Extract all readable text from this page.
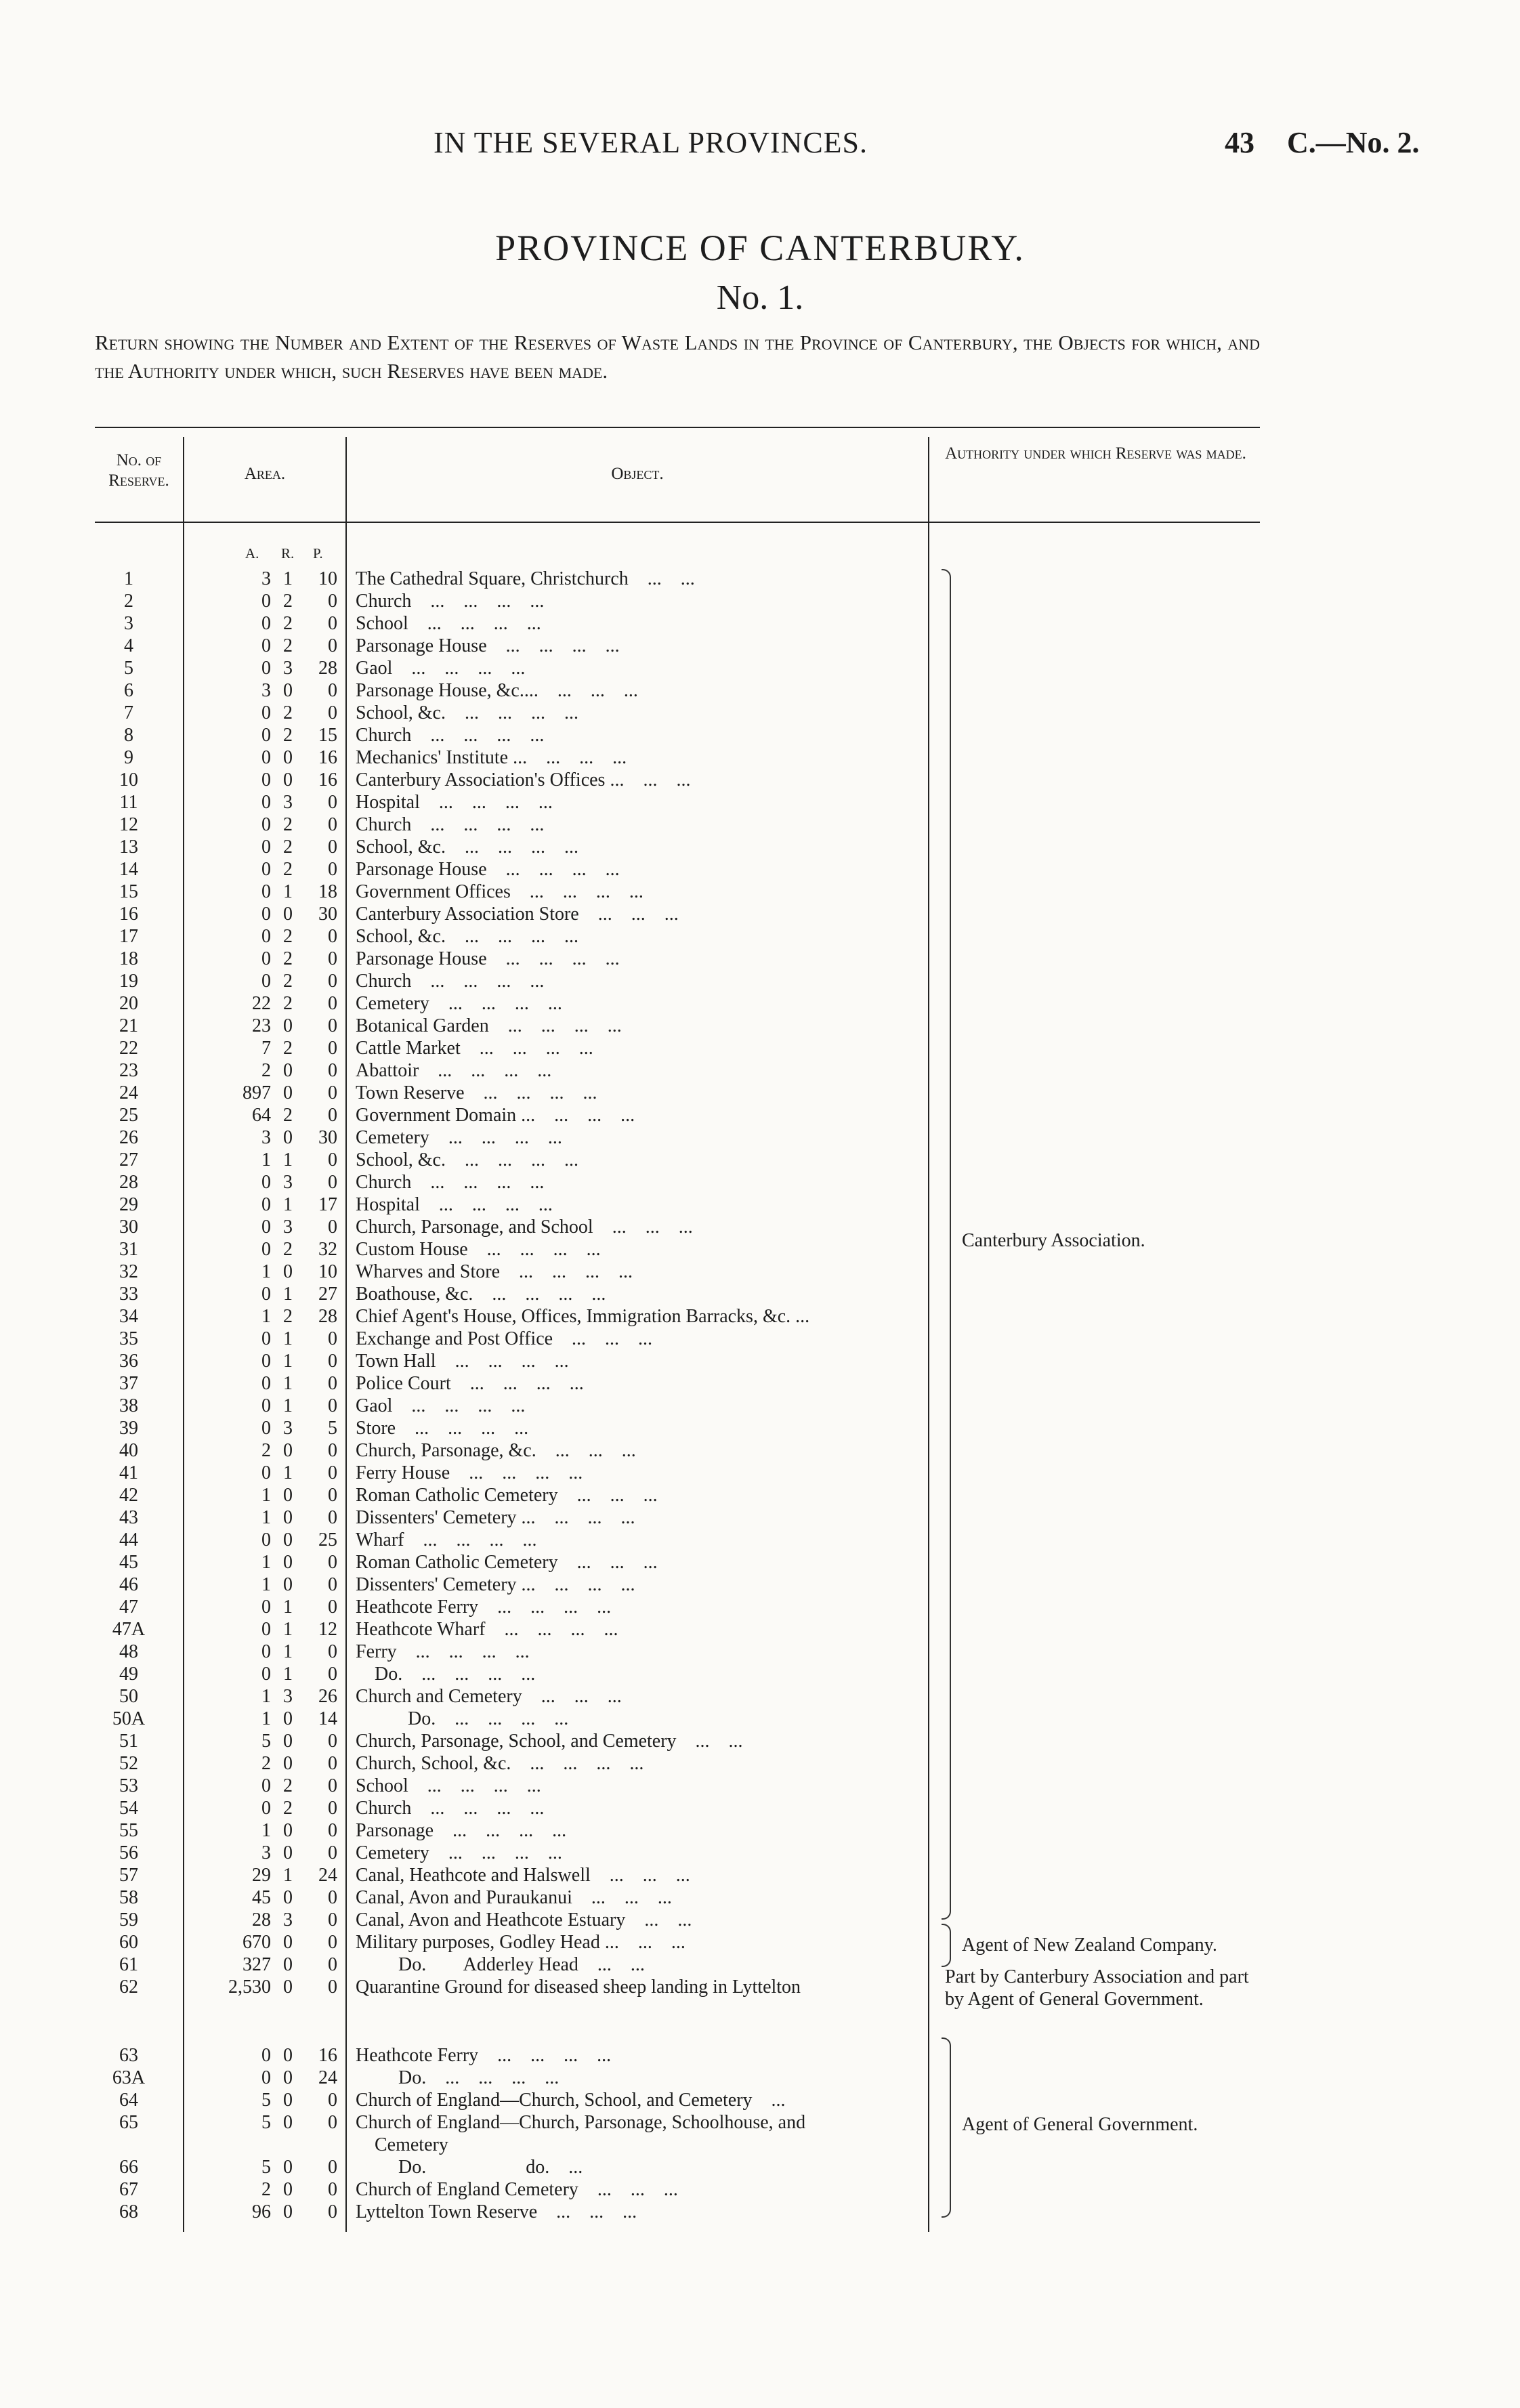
IN THE SEVERAL PROVINCES.	43 C.—No. 2.
PROVINCE OF CANTERBURY.
No. 1.
Return showing the Number and Extent of the Reserves of Waste Lands in the Province of Canterbury, the Objects for which, and the Authority under which, such Reserves have been made.
No. of Reserve.	Area.	Object.
Authority under which Reserve was made.
A. R. P.
1	3 1	10 The Cathedral Square, Christchurch    ...    ...
2	0 2	0 Church    ...    ...    ...    ...
3	0 2	0 School    ...    ...    ...    ...
4	0 2	0 Parsonage House    ...    ...    ...    ...
5	0 3	28 Gaol    ...    ...    ...    ...
6	3 0	0 Parsonage House, &c....    ...    ...    ...
7	0 2	0 School, &c.    ...    ...    ...    ...
8	0 2	15 Church    ...    ...    ...    ...
9	0 0	16 Mechanics' Institute ...    ...    ...    ...
10	0 0	16 Canterbury Association's Offices ...    ...    ...
11	0 3	0 Hospital    ...    ...    ...    ...
12	0 2	0 Church    ...    ...    ...    ...
13	0 2	0 School, &c.    ...    ...    ...    ...
14	0 2	0 Parsonage House    ...    ...    ...    ...
15	0 1	18 Government Offices    ...    ...    ...    ...
16	0 0	30 Canterbury Association Store    ...    ...    ...
17	0 2	0 School, &c.    ...    ...    ...    ...
18	0 2	0 Parsonage House    ...    ...    ...    ...
19	0 2	0 Church    ...    ...    ...    ...
20	22 2	0 Cemetery    ...    ...    ...    ...
21	23 0	0 Botanical Garden    ...    ...    ...    ...
22	7 2	0 Cattle Market    ...    ...    ...    ...
23	2 0	0 Abattoir    ...    ...    ...    ...
24	897 0	0 Town Reserve    ...    ...    ...    ...
25	64 2	0 Government Domain ...    ...    ...    ...
26	3 0	30 Cemetery    ...    ...    ...    ...
27	1 1	0 School, &c.    ...    ...    ...    ...
28	0 3	0 Church    ...    ...    ...    ...
29	0 1	17 Hospital    ...    ...    ...    ...
30	0 3	0 Church, Parsonage, and School    ...    ...    ...
31	0 2	32 Custom House    ...    ...    ...    ...
32	1 0	10 Wharves and Store    ...    ...    ...    ...
33	0 1	27 Boathouse, &c.    ...    ...    ...    ...
34	1 2	28 Chief Agent's House, Offices, Immigration Barracks, &c. ...
35	0 1	0 Exchange and Post Office    ...    ...    ...
36	0 1	0 Town Hall    ...    ...    ...    ...
37	0 1	0 Police Court    ...    ...    ...    ...
38	0 1	0 Gaol    ...    ...    ...    ...
39	0 3	5 Store    ...    ...    ...    ...
40	2 0	0 Church, Parsonage, &c.    ...    ...    ...
41	0 1	0 Ferry House    ...    ...    ...    ...
42	1 0	0 Roman Catholic Cemetery    ...    ...    ...
43	1 0	0 Dissenters' Cemetery ...    ...    ...    ...
44	0 0	25 Wharf    ...    ...    ...    ...
45	1 0	0 Roman Catholic Cemetery    ...    ...    ...
46	1 0	0 Dissenters' Cemetery ...    ...    ...    ...
47	0 1	0 Heathcote Ferry    ...    ...    ...    ...
47A	0 1	12 Heathcote Wharf    ...    ...    ...    ...
48	0 1	0 Ferry    ...    ...    ...    ...
49	0 1	0 Do.    ...    ...    ...    ...
50	1 3	26 Church and Cemetery    ...    ...    ...
50A	1 0	14 Do.    ...    ...    ...    ...
51	5 0	0 Church, Parsonage, School, and Cemetery    ...    ...
52	2 0	0 Church, School, &c.    ...    ...    ...    ...
53	0 2	0 School    ...    ...    ...    ...
54	0 2	0 Church    ...    ...    ...    ...
55	1 0	0 Parsonage    ...    ...    ...    ...
56	3 0	0 Cemetery    ...    ...    ...    ...
57	29 1	24 Canal, Heathcote and Halswell    ...    ...    ...
58	45 0	0 Canal, Avon and Puraukanui    ...    ...    ...
59	28 3	0 Canal, Avon and Heathcote Estuary    ...    ...
60	670 0	0 Military purposes, Godley Head ...    ...    ...
61	327 0	0 Do.        Adderley Head    ...    ...
62	2,530 0	0 Quarantine Ground for diseased sheep landing in Lyttelton
63	0 0	16 Heathcote Ferry    ...    ...    ...    ...
63A	0 0	24 Do.    ...    ...    ...    ...
64	5 0	0 Church of England—Church, School, and Cemetery    ...
65	5 0	0 Church of England—Church, Parsonage, Schoolhouse, and
Cemetery
66	5 0	0 Do.                     do.    ...
67	2 0	0 Church of England Cemetery    ...    ...    ...
68	96 0	0 Lyttelton Town Reserve    ...    ...    ...
Canterbury Association.
Agent of New Zealand Company.
Part by Canterbury Association and part by Agent of General Government.
Agent of General Government.
